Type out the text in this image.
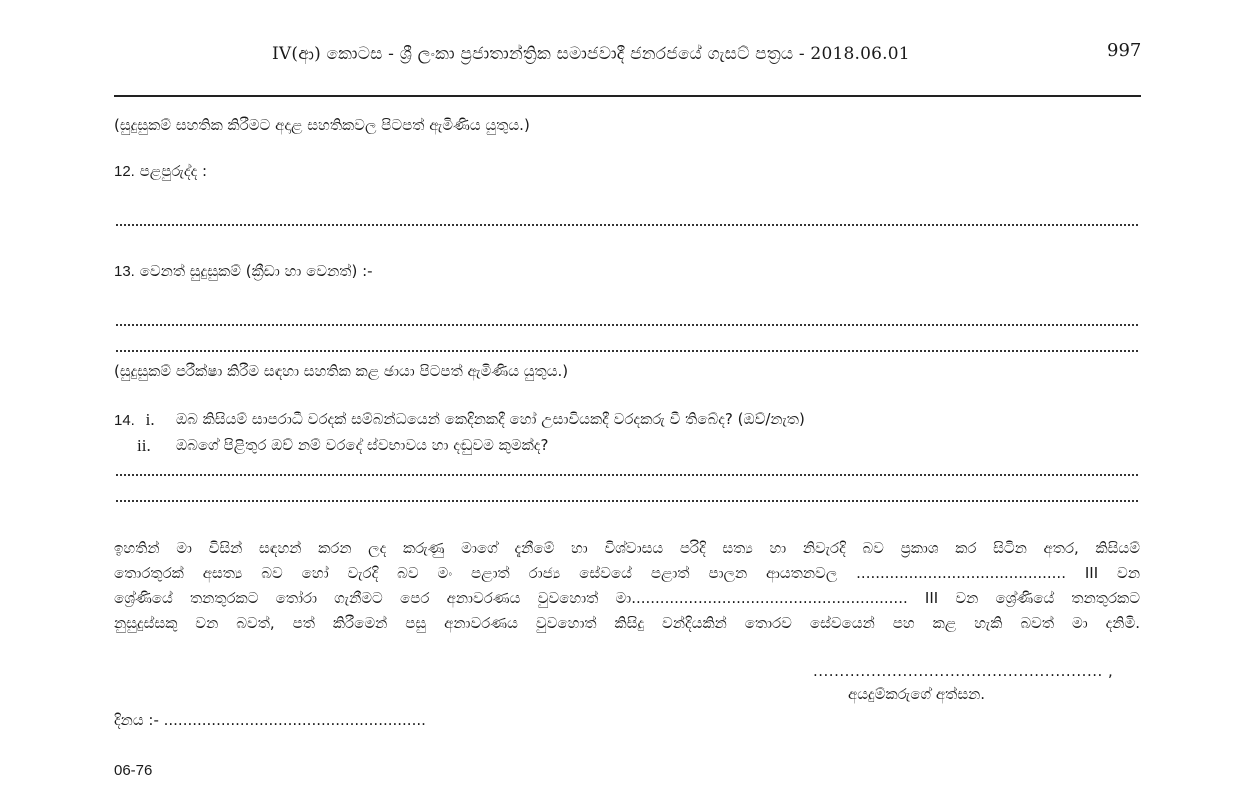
IV(ආ) කොටස - ශ්‍රී ලංකා ප්‍රජාතාන්ත්‍රික සමාජවාදී ජනරජයේ ගැසට් පත්‍රය - 2018.06.01	997
(සුදුසුකම් සහතික කිරීමට අදාළ සහතිකවල පිටපත් ඇමිණිය යුතුය.)
12. පළපුරුද්ද ‍:
13. වෙනත් සුදුසුකම් (ක්‍රීඩා හා වෙනත්) :-
(සුදුසුකම් පරීක්ෂා කිරීම සඳහා සහතික කළ ඡායා පිටපත් ඇමිණිය යුතුය.)
14. i. ඔබ කිසියම් සාපරාධී වරදක් සම්බන්ධයෙන් කෙදිනකදී හෝ උසාවියකදී වරදකරු වී තිබේද? (ඔව්/නැත)
ii. ඔබගේ පිළිතුර ඔව් නම් වරදේ ස්වභාවය හා දඬුවම කුමක්ද?
ඉහතින් මා විසින් සඳහන් කරන ලද කරුණු මාගේ දැනීමේ හා විශ්වාසය පරිදි සත්‍ය හා නිවැරදි බව ප්‍රකාශ කර සිටින අතර, කිසියම්
තොරතුරක් අසත්‍ය බව හෝ වැරදි බව මං පළාත් රාජ්‍ය සේවයේ පළාත් පාලන ආයතනවල ............................................ III වන
ශ්‍රේණියේ තනතුරකට තෝරා ගැනීමට පෙර අනාවරණය වුවහොත් මා.......................................................... III වන ශ්‍රේණියේ තනතුරකට
නුසුදුස්සකු වන බවත්, පත් කිරීමෙන් පසු අනාවරණය වුවහොත් කිසිදු වන්දියකින් තොරව සේවයෙන් පහ කළ හැකි බවත් මා දනිමි.
....................................................... ,
අයදුම්කරුගේ අත්සන.
දිනය :- .......................................................
06-76
